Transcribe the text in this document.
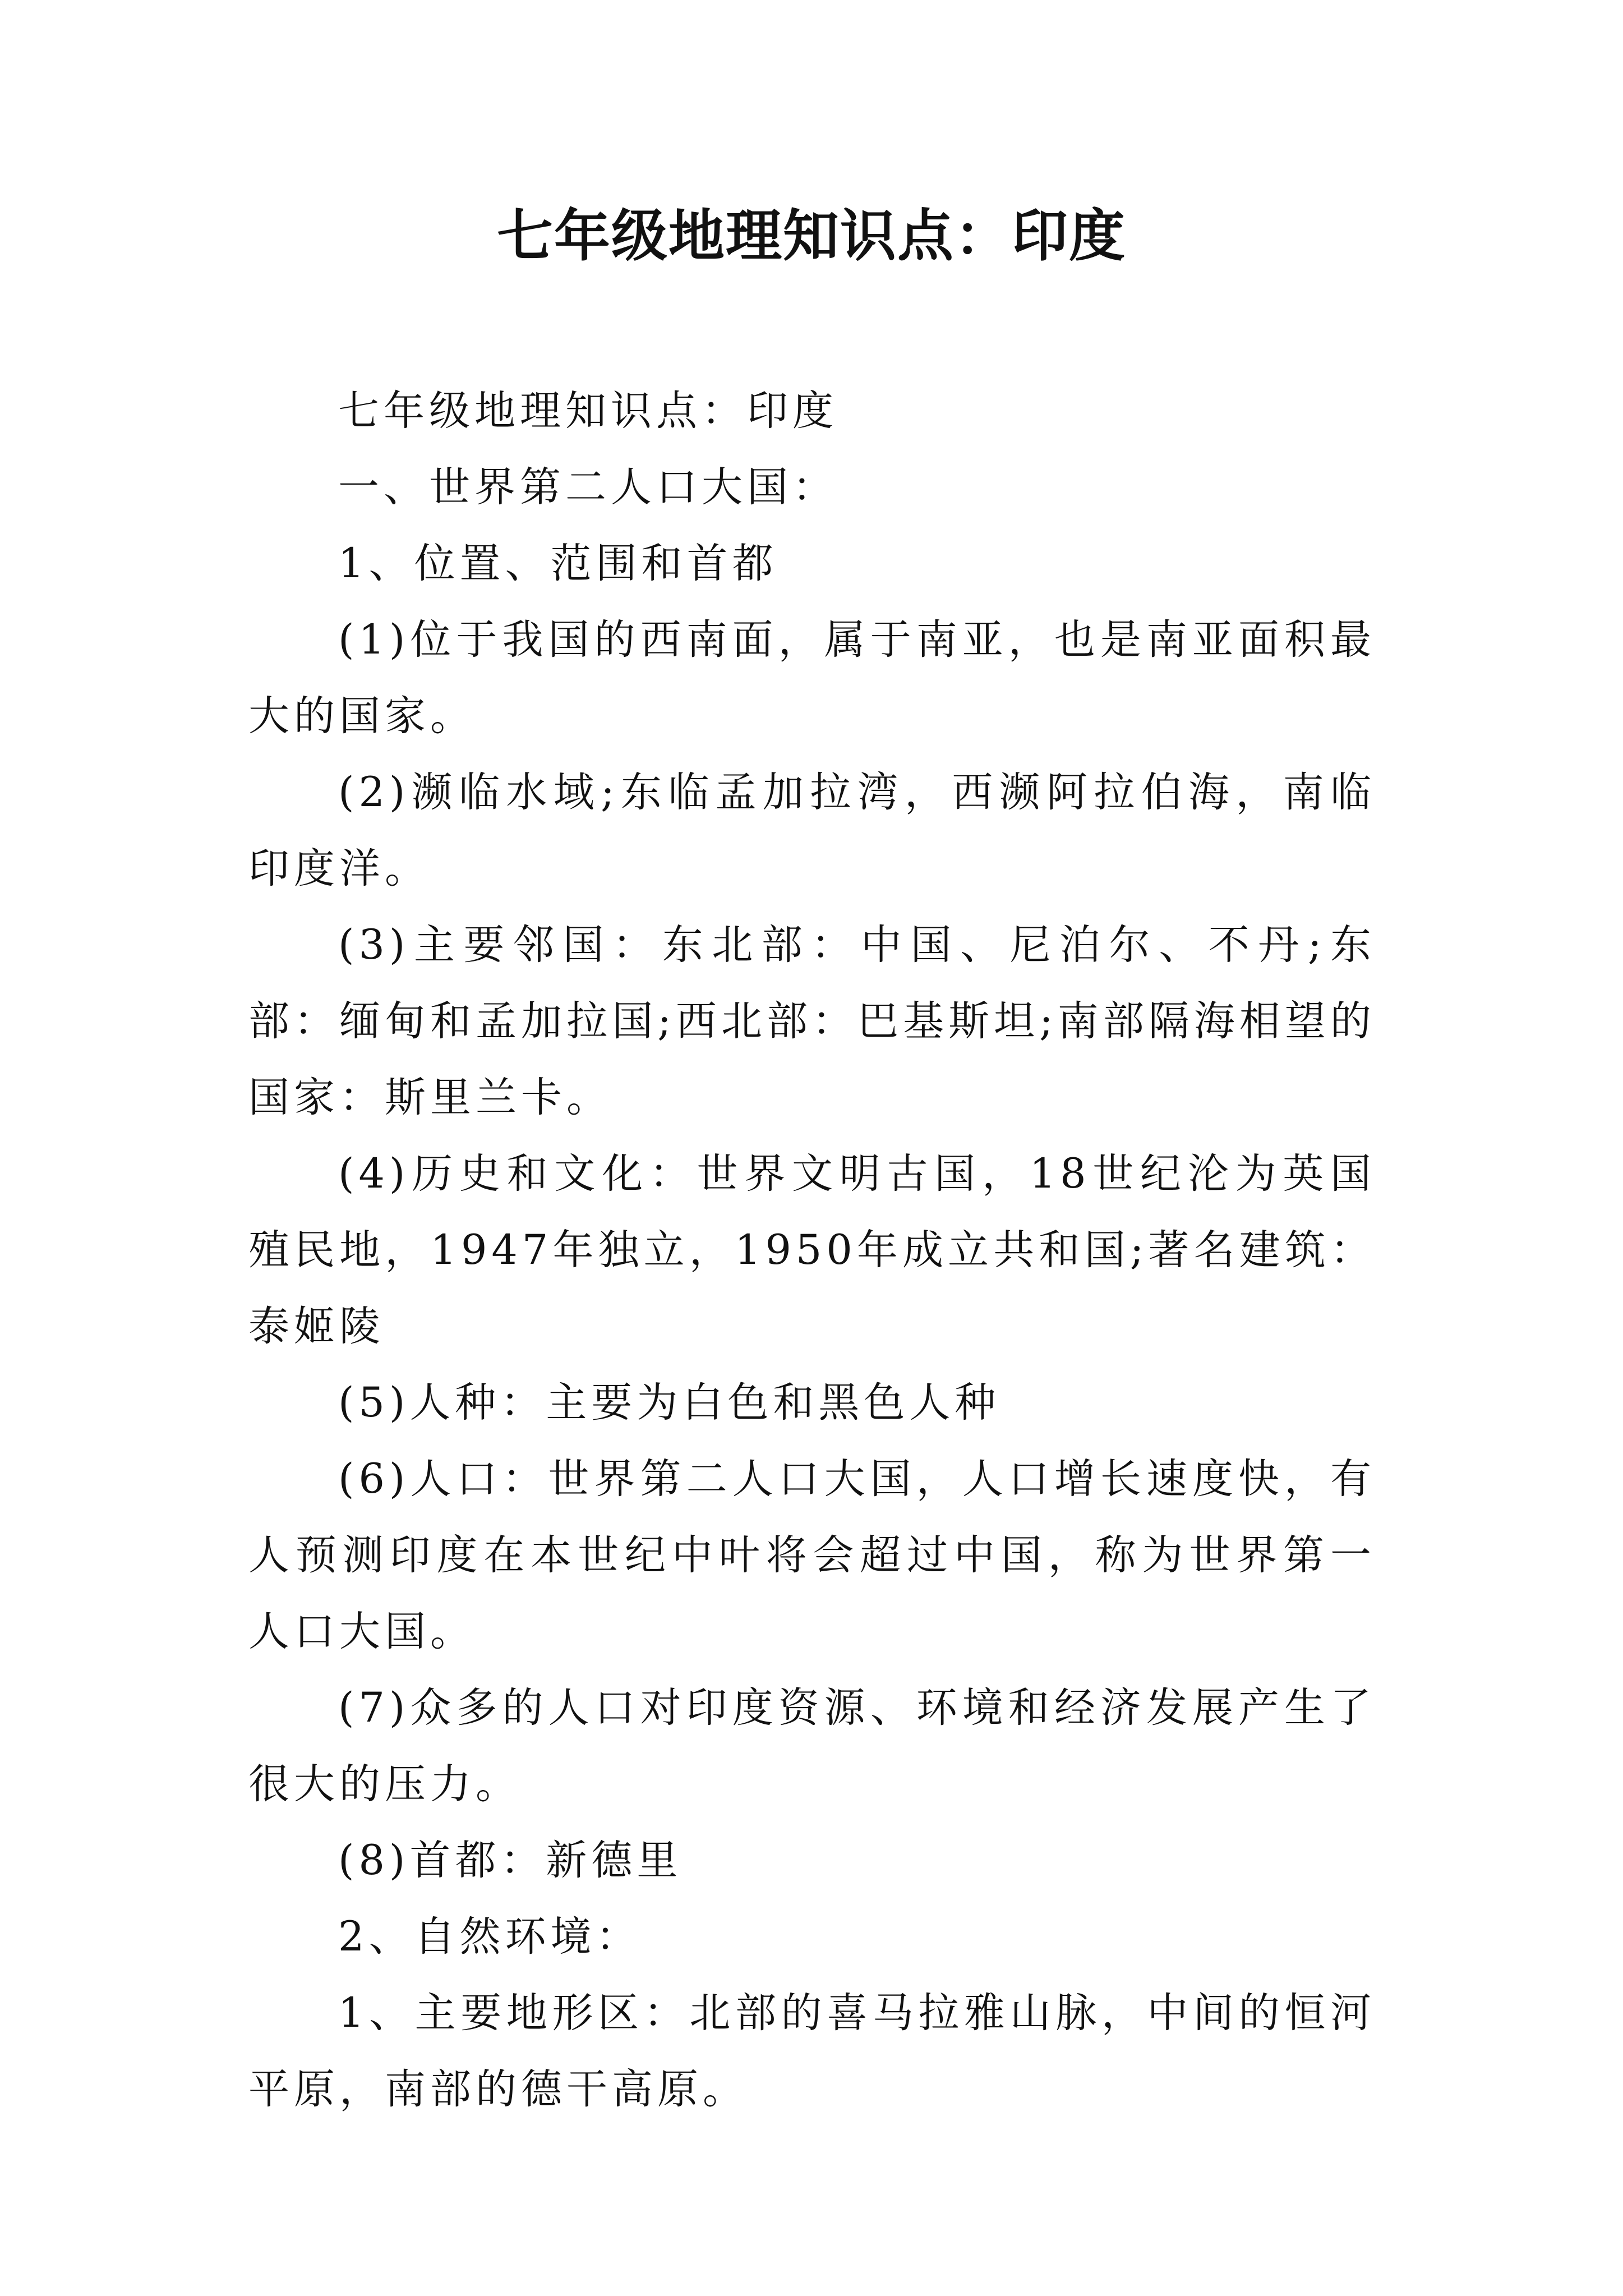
七年级地理知识点：印度

七年级地理知识点：印度

一、世界第二人口大国：

1、位置、范围和首都

(1)位于我国的西南面，属于南亚，也是南亚面积最大的国家。

(2)濒临水域;东临孟加拉湾，西濒阿拉伯海，南临印度洋。

(3)主要邻国：东北部：中国、尼泊尔、不丹;东部：缅甸和孟加拉国;西北部：巴基斯坦;南部隔海相望的国家：斯里兰卡。

(4)历史和文化：世界文明古国，18世纪沦为英国殖民地，1947年独立，1950年成立共和国;著名建筑：泰姬陵

(5)人种：主要为白色和黑色人种

(6)人口：世界第二人口大国，人口增长速度快，有人预测印度在本世纪中叶将会超过中国，称为世界第一人口大国。

(7)众多的人口对印度资源、环境和经济发展产生了很大的压力。

(8)首都：新德里

2、自然环境：

1、主要地形区：北部的喜马拉雅山脉，中间的恒河平原，南部的德干高原。
